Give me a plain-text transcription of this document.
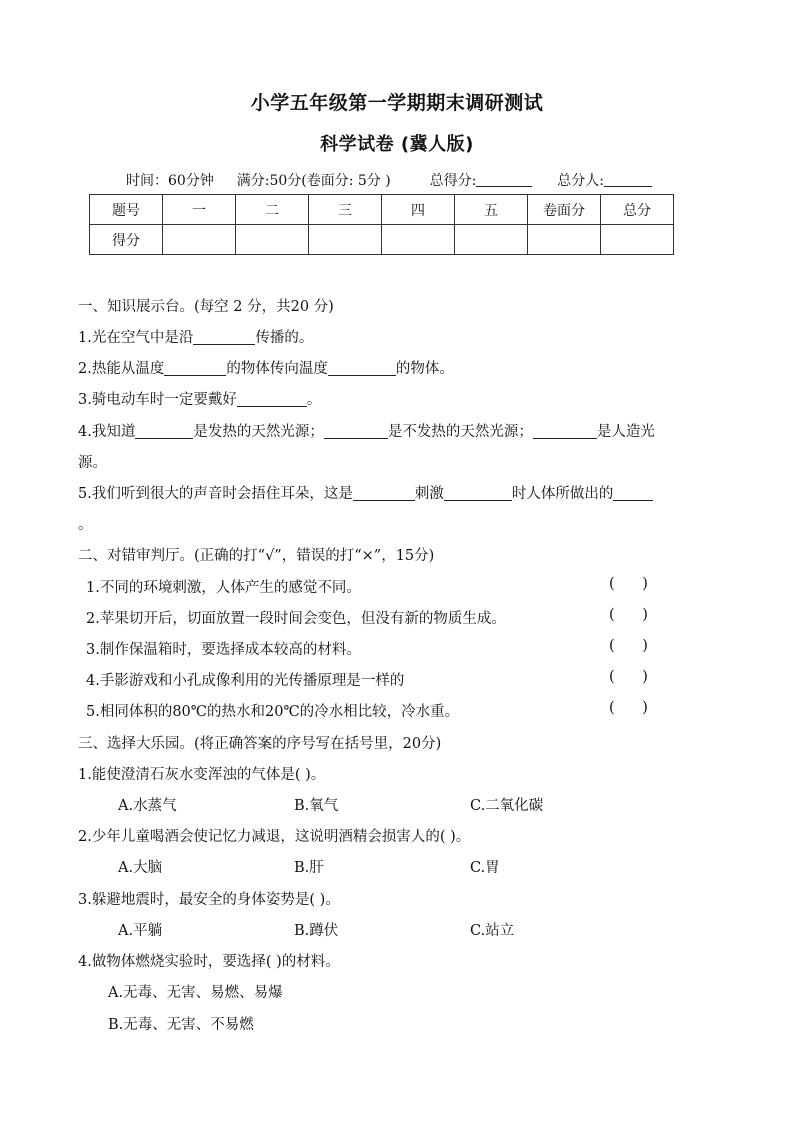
小学五年级第一学期期末调研测试
科学试卷 (冀人版)
时间：60分钟 满分:50分(卷面分: 5分 )	总得分:	总分人:
题号	一	二	三	四	五	卷面分	总分
得分							
一、知识展示台。(每空 2 分，共20 分)
1.光在空气中是沿	传播的。
2.热能从温度	的物体传向温度	的物体。
3.骑电动车时一定要戴好	。
4.我知道	是发热的天然光源；	是不发热的天然光源；	是人造光
源。
5.我们听到很大的声音时会捂住耳朵，这是	刺激	时人体所做出的
。
二、对错审判厅。(正确的打“√”，错误的打“×”，15分)
1.不同的环境刺激，人体产生的感觉不同。	(      )
2.苹果切开后，切面放置一段时间会变色，但没有新的物质生成。	(      )
3.制作保温箱时，要选择成本较高的材料。	(      )
4.手影游戏和小孔成像利用的光传播原理是一样的	(      )
5.相同体积的80℃的热水和20℃的冷水相比较，冷水重。	(      )
三、选择大乐园。(将正确答案的序号写在括号里，20分)
1.能使澄清石灰水变浑浊的气体是( )。
A.水蒸气	B.氧气	C.二氧化碳
2.少年儿童喝酒会使记忆力减退，这说明酒精会损害人的( )。
A.大脑	B.肝	C.胃
3.躲避地震时，最安全的身体姿势是( )。
A.平躺	B.蹲伏	C.站立
4.做物体燃烧实验时，要选择( )的材料。
A.无毒、无害、易燃、易爆
B.无毒、无害、不易燃
